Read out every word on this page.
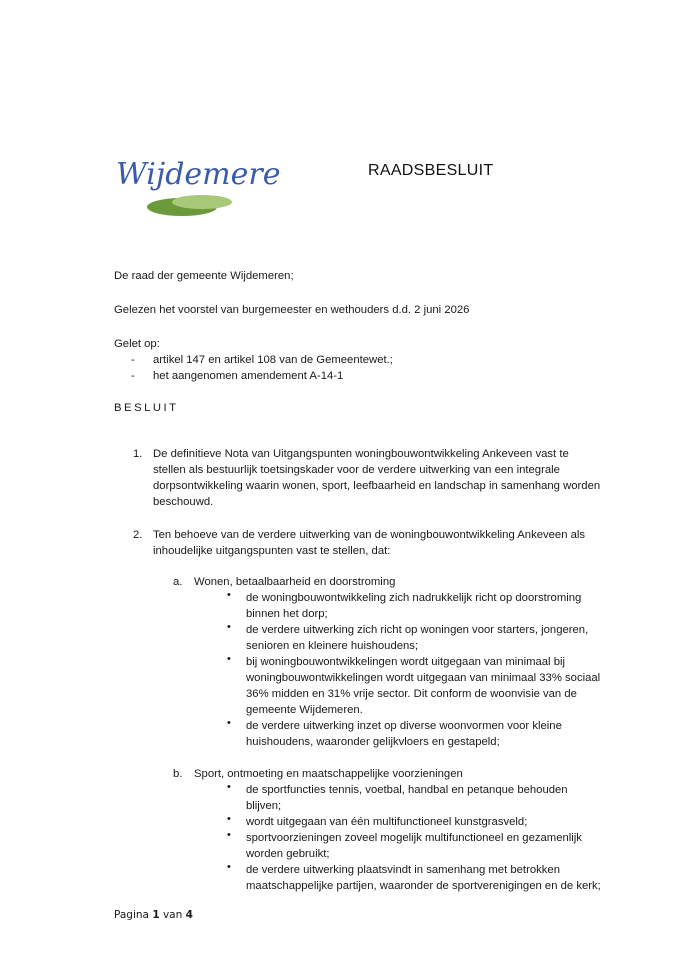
Wijdemeren	RAADSBESLUIT
De raad der gemeente Wijdemeren;
Gelezen het voorstel van burgemeester en wethouders d.d. 2 juni 2026
Gelet op:
- artikel 147 en artikel 108 van de Gemeentewet.;
- het aangenomen amendement A-14-1
BESLUIT
1. De definitieve Nota van Uitgangspunten woningbouwontwikkeling Ankeveen vast te
stellen als bestuurlijk toetsingskader voor de verdere uitwerking van een integrale
dorpsontwikkeling waarin wonen, sport, leefbaarheid en landschap in samenhang worden
beschouwd.
2. Ten behoeve van de verdere uitwerking van de woningbouwontwikkeling Ankeveen als
inhoudelijke uitgangspunten vast te stellen, dat:
a. Wonen, betaalbaarheid en doorstroming
• de woningbouwontwikkeling zich nadrukkelijk richt op doorstroming
binnen het dorp;
• de verdere uitwerking zich richt op woningen voor starters, jongeren,
senioren en kleinere huishoudens;
• bij woningbouwontwikkelingen wordt uitgegaan van minimaal bij
woningbouwontwikkelingen wordt uitgegaan van minimaal 33% sociaal
36% midden en 31% vrije sector. Dit conform de woonvisie van de
gemeente Wijdemeren.
• de verdere uitwerking inzet op diverse woonvormen voor kleine
huishoudens, waaronder gelijkvloers en gestapeld;
b. Sport, ontmoeting en maatschappelijke voorzieningen
• de sportfuncties tennis, voetbal, handbal en petanque behouden
blijven;
• wordt uitgegaan van één multifunctioneel kunstgrasveld;
• sportvoorzieningen zoveel mogelijk multifunctioneel en gezamenlijk
worden gebruikt;
• de verdere uitwerking plaatsvindt in samenhang met betrokken
maatschappelijke partijen, waaronder de sportverenigingen en de kerk;
Pagina 1 van 4
